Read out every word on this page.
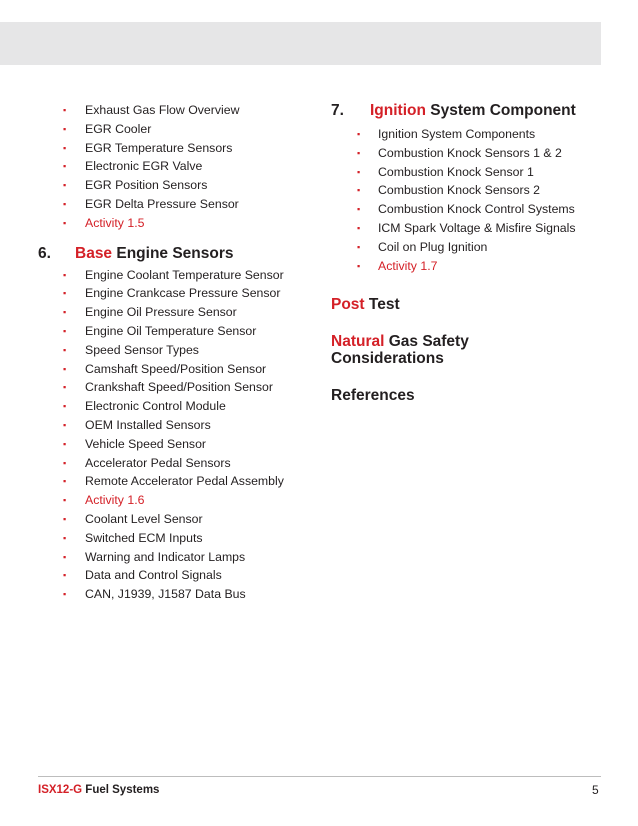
▪ Exhaust Gas Flow Overview
▪ EGR Cooler
▪ EGR Temperature Sensors
▪ Electronic EGR Valve
▪ EGR Position Sensors
▪ EGR Delta Pressure Sensor
▪ Activity 1.5
6. Base Engine Sensors
▪ Engine Coolant Temperature Sensor
▪ Engine Crankcase Pressure Sensor
▪ Engine Oil Pressure Sensor
▪ Engine Oil Temperature Sensor
▪ Speed Sensor Types
▪ Camshaft Speed/Position Sensor
▪ Crankshaft Speed/Position Sensor
▪ Electronic Control Module
▪ OEM Installed Sensors
▪ Vehicle Speed Sensor
▪ Accelerator Pedal Sensors
▪ Remote Accelerator Pedal Assembly
▪ Activity 1.6
▪ Coolant Level Sensor
▪ Switched ECM Inputs
▪ Warning and Indicator Lamps
▪ Data and Control Signals
▪ CAN, J1939, J1587 Data Bus
7. Ignition System Component
▪ Ignition System Components
▪ Combustion Knock Sensors 1 & 2
▪ Combustion Knock Sensor 1
▪ Combustion Knock Sensors 2
▪ Combustion Knock Control Systems
▪ ICM Spark Voltage & Misfire Signals
▪ Coil on Plug Ignition
▪ Activity 1.7
Post Test
Natural Gas Safety
Considerations
References
ISX12-G Fuel Systems	5
